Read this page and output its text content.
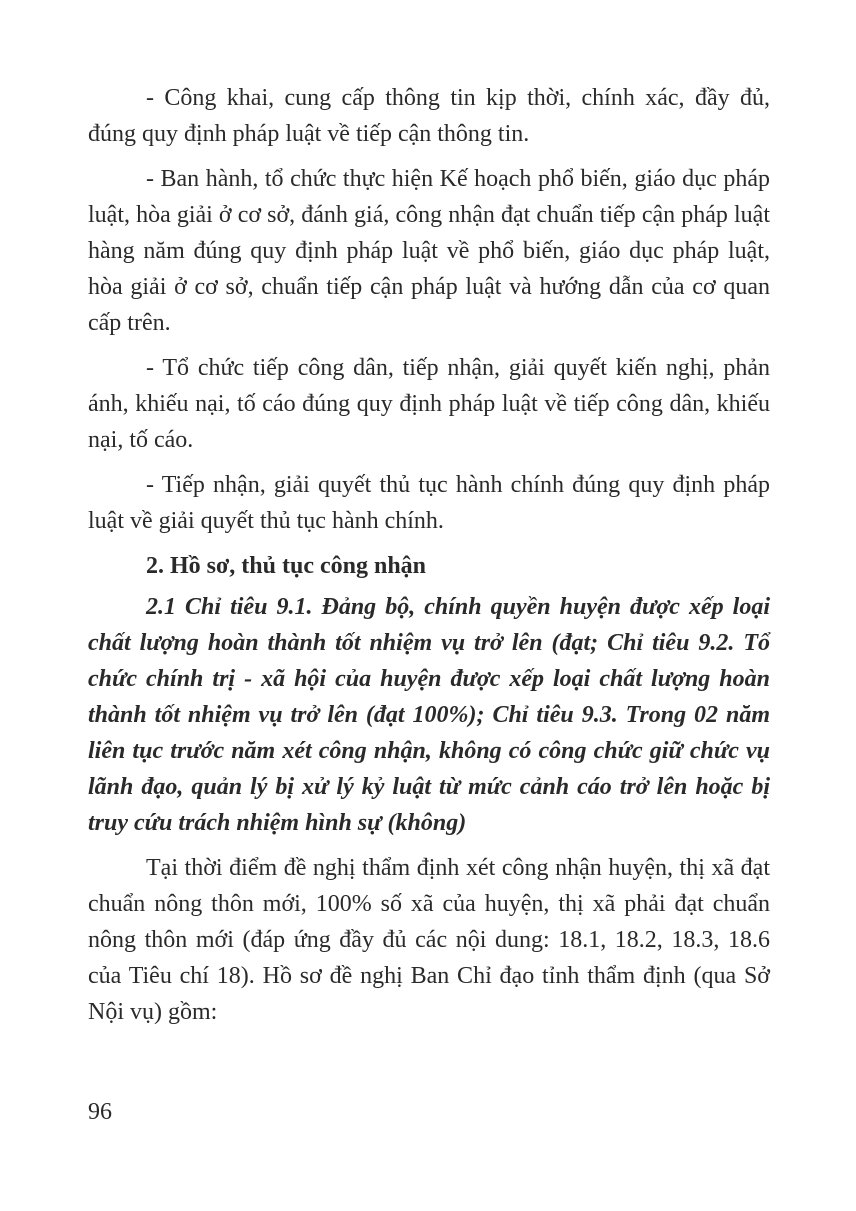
- Công khai, cung cấp thông tin kịp thời, chính xác, đầy đủ, đúng quy định pháp luật về tiếp cận thông tin.

- Ban hành, tổ chức thực hiện Kế hoạch phổ biến, giáo dục pháp luật, hòa giải ở cơ sở, đánh giá, công nhận đạt chuẩn tiếp cận pháp luật hàng năm đúng quy định pháp luật về phổ biến, giáo dục pháp luật, hòa giải ở cơ sở, chuẩn tiếp cận pháp luật và hướng dẫn của cơ quan cấp trên.

- Tổ chức tiếp công dân, tiếp nhận, giải quyết kiến nghị, phản ánh, khiếu nại, tố cáo đúng quy định pháp luật về tiếp công dân, khiếu nại, tố cáo.

- Tiếp nhận, giải quyết thủ tục hành chính đúng quy định pháp luật về giải quyết thủ tục hành chính.

2. Hồ sơ, thủ tục công nhận

2.1 Chỉ tiêu 9.1. Đảng bộ, chính quyền huyện được xếp loại chất lượng hoàn thành tốt nhiệm vụ trở lên (đạt; Chỉ tiêu 9.2. Tổ chức chính trị - xã hội của huyện được xếp loại chất lượng hoàn thành tốt nhiệm vụ trở lên (đạt 100%); Chỉ tiêu 9.3. Trong 02 năm liên tục trước năm xét công nhận, không có công chức giữ chức vụ lãnh đạo, quản lý bị xử lý kỷ luật từ mức cảnh cáo trở lên hoặc bị truy cứu trách nhiệm hình sự (không)

Tại thời điểm đề nghị thẩm định xét công nhận huyện, thị xã đạt chuẩn nông thôn mới, 100% số xã của huyện, thị xã phải đạt chuẩn nông thôn mới (đáp ứng đầy đủ các nội dung: 18.1, 18.2, 18.3, 18.6 của Tiêu chí 18). Hồ sơ đề nghị Ban Chỉ đạo tỉnh thẩm định (qua Sở Nội vụ) gồm:

96
